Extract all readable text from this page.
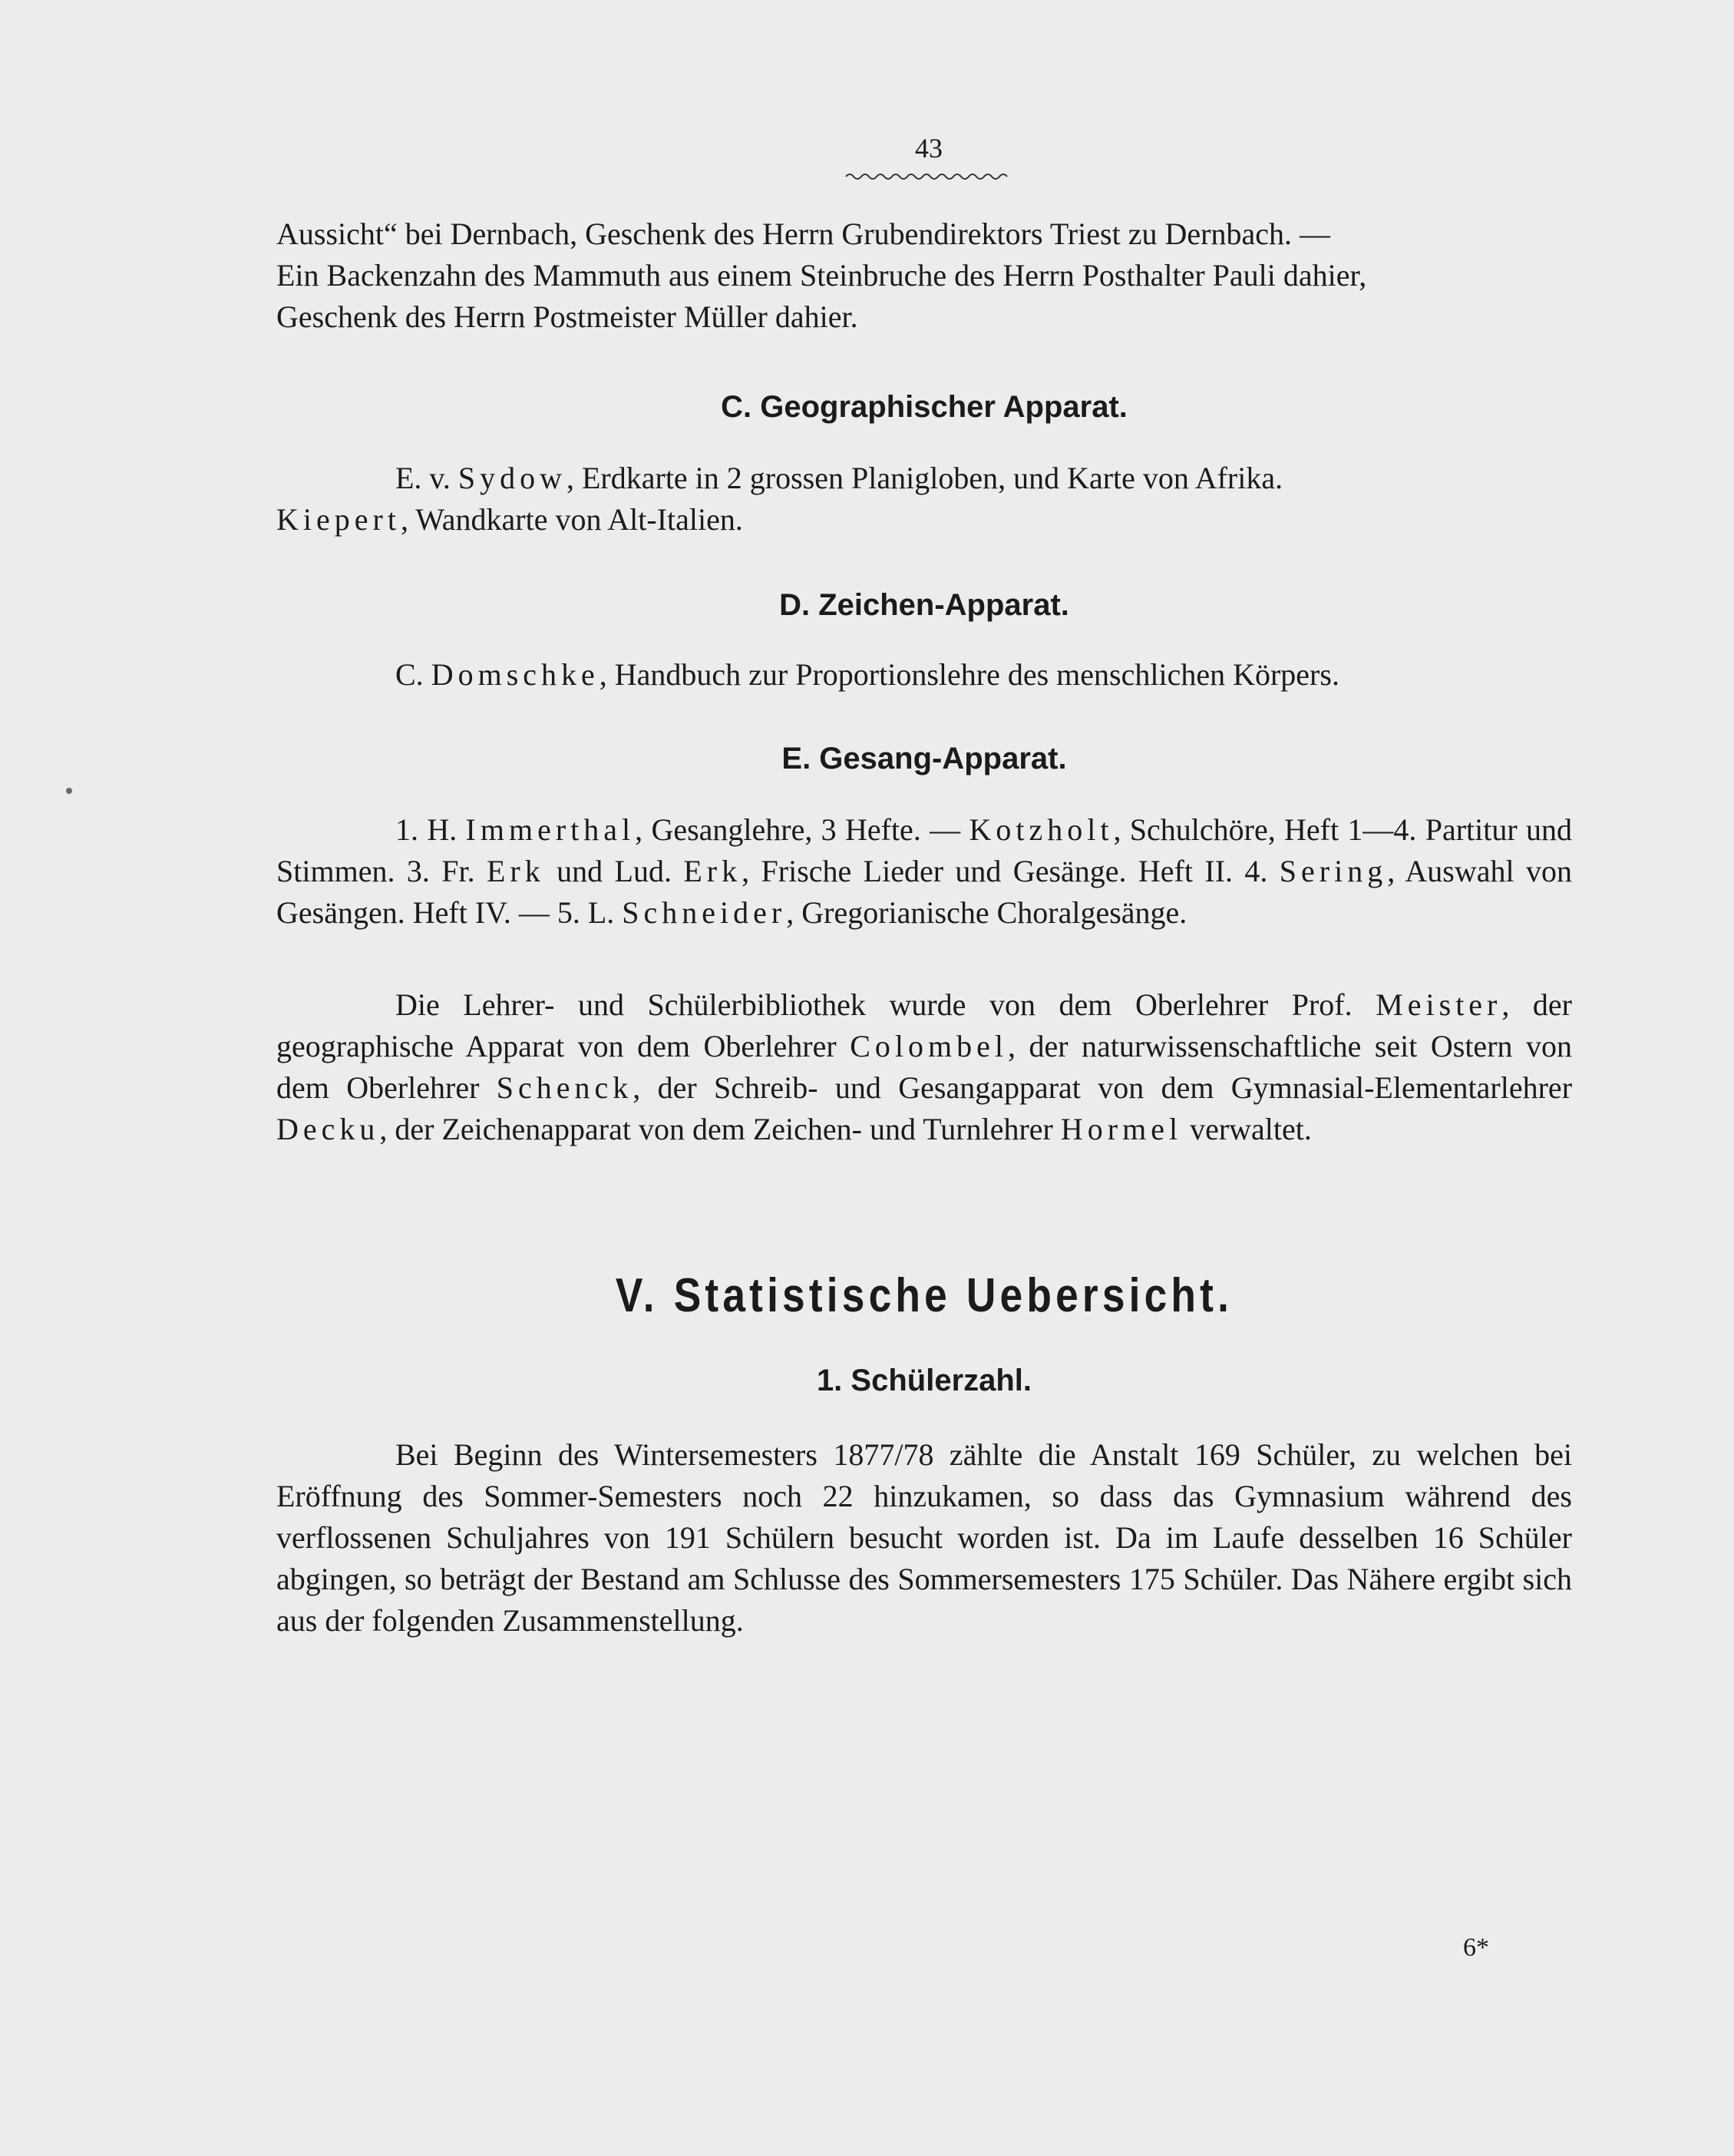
43

Aussicht“ bei Dernbach, Geschenk des Herrn Grubendirektors Triest zu Dernbach. —

Ein Backenzahn des Mammuth aus einem Steinbruche des Herrn Posthalter Pauli dahier,

Geschenk des Herrn Postmeister Müller dahier.

C. Geographischer Apparat.

E. v. Sydow, Erdkarte in 2 grossen Planigloben, und Karte von Afrika.

Kiepert, Wandkarte von Alt-Italien.

D. Zeichen-Apparat.

C. Domschke, Handbuch zur Proportionslehre des menschlichen Körpers.

E. Gesang-Apparat.

1. H. Immerthal, Gesanglehre, 3 Hefte. — Kotzholt, Schulchöre, Heft 1—4. Partitur und Stimmen. 3. Fr. Erk und Lud. Erk, Frische Lieder und Gesänge. Heft II. 4. Sering, Auswahl von Gesängen. Heft IV. — 5. L. Schneider, Gregorianische Choralgesänge.

Die Lehrer- und Schülerbibliothek wurde von dem Oberlehrer Prof. Meister, der geographische Apparat von dem Oberlehrer Colombel, der naturwissenschaftliche seit Ostern von dem Oberlehrer Schenck, der Schreib- und Gesangapparat von dem Gymnasial-Elementarlehrer Decku, der Zeichenapparat von dem Zeichen- und Turnlehrer Hormel verwaltet.

V. Statistische Uebersicht.
1. Schülerzahl.

Bei Beginn des Wintersemesters 1877/78 zählte die Anstalt 169 Schüler, zu welchen bei Eröffnung des Sommer-Semesters noch 22 hinzukamen, so dass das Gymnasium während des verflossenen Schuljahres von 191 Schülern besucht worden ist. Da im Laufe desselben 16 Schüler abgingen, so beträgt der Bestand am Schlusse des Sommersemesters 175 Schüler. Das Nähere ergibt sich aus der folgenden Zusammenstellung.

6*
